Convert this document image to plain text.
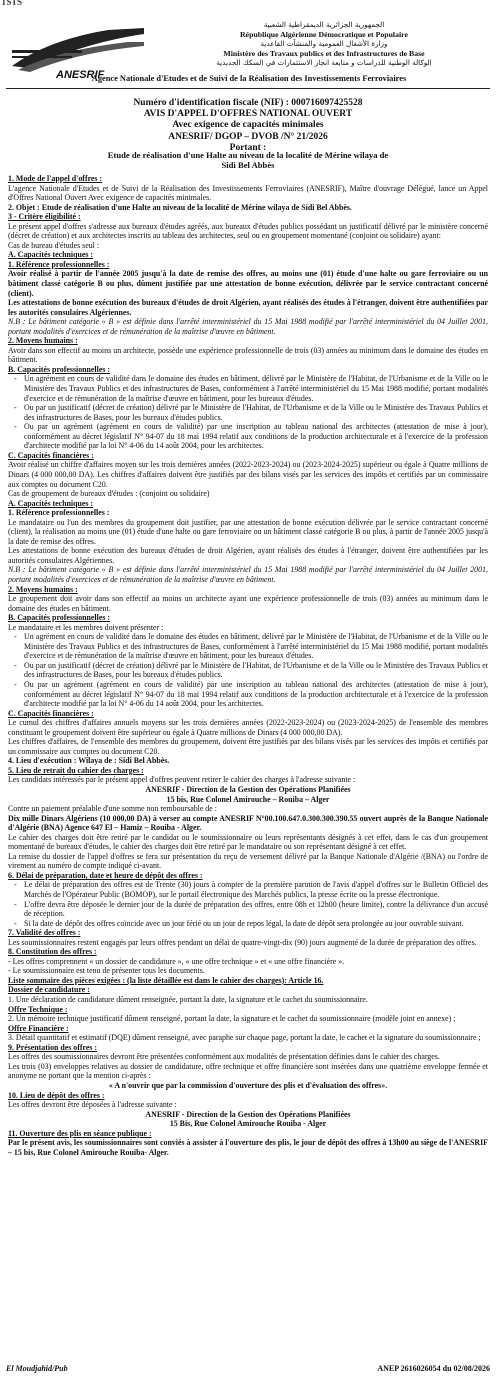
ISIS
ANESRIF
الجمهورية الجزائرية الديمقراطية الشعبية
République Algérienne Démocratique et Populaire
وزارة الأشغال العمومية والمنشآت القاعدية
Ministère des Travaux publics et des Infrastructures de Base
الوكالة الوطنية للدراسات و متابعة انجاز الاستثمارات في السكك الحديدية
Agence Nationale d'Etudes et de Suivi de la Réalisation des Investissements Ferroviaires
Numéro d'identification fiscale (NIF) : 000716097425528
AVIS D'APPEL D'OFFRES NATIONAL OUVERT
Avec exigence de capacités minimales
ANESRIF/ DGOP – DVOB /N° 21/2026
Portant :
Etude de réalisation d'une Halte au niveau de la localité de Mérine wilaya de
Sidi Bel Abbès

1. Mode de l'appel d'offres :

L'agence Nationale d'Etudes et de Suivi de la Réalisation des Investissements Ferroviaires (ANESRIF), Maître d'ouvrage Délégué, lance un Appel d'Offres National Ouvert Avec exigence de capacités minimales.

2. Objet : Etude de réalisation d'une Halte au niveau de la localité de Mérine wilaya de Sidi Bel Abbès.

3 - Critère éligibilité :

Le présent appel d'offres s'adresse aux bureaux d'études agréés, aux bureaux d'études publics possédant un justificatif délivré par le ministère concerné (décret de création) et aux architectes inscrits au tableau des architectes, seul ou en groupement momentané (conjoint ou solidaire) ayant:

Cas de bureau d'études seul :

A. Capacités techniques :

1. Référence professionnelles :

Avoir réalisé à partir de l'année 2005 jusqu'à la date de remise des offres, au moins une (01) étude d'une halte ou gare ferroviaire ou un bâtiment classé catégorie B ou plus, dûment justifiée par une attestation de bonne exécution, délivrée par le service contractant concerné (client).

Les attestations de bonne exécution des bureaux d'études de droit Algérien, ayant réalisés des études à l'étranger, doivent être authentifiées par les autorités consulaires Algériennes.

N.B : Le bâtiment catégorie « B » est définie dans l'arrêté interministériel du 15 Mai 1988 modifié par l'arrêté interministériel du 04 Juillet 2001, portant modalités d'exercices et de rémunération de la maîtrise d'œuvre en bâtiment.

2. Moyens humains :

Avoir dans son effectif au moins un architecte, possède une expérience professionnelle de trois (03) années au minimum dans le domaine des études en bâtiment.

B. Capacités professionnelles :

- Un agrément en cours de validité dans le domaine des études en bâtiment, délivré par le Ministère de l'Habitat, de l'Urbanisme et de la Ville ou le Ministère des Travaux Publics et des infrastructures de Bases, conformément à l'arrêté interministériel du 15 Mai 1988 modifié, portant modalités d'exercice et de rémunération de la maîtrise d'œuvre en bâtiment, pour les bureaux d'études.

- Ou par un justificatif (décret de création) délivré par le Ministère de l'Habitat, de l'Urbanisme et de la Ville ou le Ministère des Travaux Publics et des infrastructures de Bases, pour les bureaux d'études publics.

- Ou par un agrément (agrément en cours de validité) par une inscription au tableau national des architectes (attestation de mise à jour), conformément au décret législatif N° 94-07 du 18 mai 1994 relatif aux conditions de la production architecturale et à l'exercice de la profession d'architecte modifié par la loi N° 4-06 du 14 août 2004, pour les architectes.

C. Capacités financières :

Avoir réalisé un chiffre d'affaires moyen sur les trois dernières années (2022-2023-2024) ou (2023-2024-2025) supérieur ou égale à Quatre millions de Dinars (4 000 000,00 DA). Les chiffres d'affaires doivent être justifiés par des bilans visés par les services des impôts et certifiés par un commissaire aux comptes ou document C20.

Cas de groupement de bureaux d'études : (conjoint ou solidaire)

A. Capacités techniques :

1. Référence professionnelles :

Le mandataire ou l'un des membres du groupement doit justifier, par une attestation de bonne exécution délivrée par le service contractant concerné (client), la réalisation au moins une (01) étude d'une halte ou gare ferroviaire ou un bâtiment classé catégorie B ou plus, à partir de l'année 2005 jusqu'à la date de remise des offres.

Les attestations de bonne exécution des bureaux d'études de droit Algérien, ayant réalisés des études à l'étranger, doivent être authentifiées par les autorités consulaires Algériennes.

N.B : Le bâtiment catégorie « B » est définie dans l'arrêté interministériel du 15 Mai 1988 modifié par l'arrêté interministériel du 04 Juillet 2001, portant modalités d'exercices et de rémunération de la maîtrise d'œuvre en bâtiment.

2. Moyens humains :

Le groupement doit avoir dans son effectif au moins un architecte ayant une expérience professionnelle de trois (03) années au minimum dans le domaine des études en bâtiment.

B. Capacités professionnelles :

Le mandataire et les membres doivent présenter :

- Un agrément en cours de validité dans le domaine des études en bâtiment, délivré par le Ministère de l'Habitat, de l'Urbanisme et de la Ville ou le Ministère des Travaux Publics et des infrastructures de Bases, conformément à l'arrêté interministériel du 15 Mai 1988 modifié, portant modalités d'exercice et de rémunération de la maîtrise d'œuvre en bâtiment, pour les bureaux d'études.

- Ou par un justificatif (décret de création) délivré par le Ministère de l'Habitat, de l'Urbanisme et de la Ville ou le Ministère des Travaux Publics et des infrastructures de Bases, pour les bureaux d'études publics.

- Ou par un agrément (agrément en cours de validité) par une inscription au tableau national des architectes (attestation de mise à jour), conformément au décret législatif N° 94-07 du 18 mai 1994 relatif aux conditions de la production architecturale et à l'exercice de la profession d'architecte modifié par la loi N° 4-06 du 14 août 2004, pour les architectes.

C. Capacités financières :

Le cumul des chiffres d'affaires annuels moyens sur les trois dernières années (2022-2023-2024) ou (2023-2024-2025) de l'ensemble des membres constituant le groupement doivent être supérieur ou égale à Quatre millions de Dinars (4 000 000,00 DA).

Les chiffres d'affaires, de l'ensemble des membres du groupement, doivent être justifiés par des bilans visés par les services des impôts et certifiés par un commissaire aux comptes ou document C20.

4. Lieu d'exécution : Wilaya de : Sidi Bel Abbès.

5. Lieu de retrait du cahier des charges :

Les candidats intéressés par le présent appel d'offres peuvent retirer le cahier des charges à l'adresse suivante :

ANESRIF - Direction de la Gestion des Opérations Planifiées

15 bis, Rue Colonel Amirouche – Rouiba – Alger

Contre un paiement préalable d'une somme non remboursable de :

Dix mille Dinars Algériens (10 000,00 DA) à verser au compte ANESRIF N°00.100.647.0.300.300.390.55 ouvert auprès de la Banque Nationale d'Algérie (BNA) Agence 647 El – Hamiz – Rouiba - Alger.

Le cahier des charges doit être retiré par le candidat ou le soumissionnaire ou leurs représentants désignés à cet effet, dans le cas d'un groupement momentané de bureaux d'études, le cahier des charges doit être retiré par le mandataire ou son représentant désigné à cet effet.

La remise du dossier de l'appel d'offres se fera sur présentation du reçu de versement délivré par la Banque Nationale d'Algérie /(BNA) ou l'ordre de virement au numéro de compte indiqué ci-avant.

6. Délai de préparation, date et heure de dépôt des offres :

- Le délai de préparation des offres est de Trente (30) jours à compter de la première parution de l'avis d'appel d'offres sur le Bulletin Officiel des Marchés de l'Opérateur Public (BOMOP), sur le portail électronique des Marchés publics, la presse écrite ou la presse électronique.

- L'offre devra être déposée le dernier jour de la durée de préparation des offres, entre 08h et 12h00 (heure limite), contre la délivrance d'un accusé de réception.

- Si la date de dépôt des offres coïncide avec un jour férié ou un jour de repos légal, la date de dépôt sera prolongée au jour ouvrable suivant.

7. Validité des offres :

Les soumissionnaires restent engagés par leurs offres pendant un délai de quatre-vingt-dix (90) jours augmenté de la durée de préparation des offres.

8. Constitution des offres :

- Les offres comprennent « un dossier de candidature », « une offre technique » et « une offre financière ».

- Le soumissionnaire est tenu de présenter tous les documents.

Liste sommaire des pièces exigées : (la liste détaillée est dans le cahier des charges): Article 16.

Dossier de candidature :

1. Une déclaration de candidature dûment renseignée, portant la date, la signature et le cachet du soumissionnaire.

Offre Technique :

2. Un mémoire technique justificatif dûment renseigné, portant la date, la signature et le cachet du soumissionnaire (modèle joint en annexe) ;

Offre Financière :

3. Détail quantitatif et estimatif (DQE) dûment renseigné, avec paraphe sur chaque page, portant la date, le cachet et la signature du soumissionnaire ;

9. Présentation des offres :

Les offres des soumissionnaires devront être présentées conformément aux modalités de présentation définies dans le cahier des charges.

Les trois (03) enveloppes relatives au dossier de candidature, offre technique et offre financière sont insérées dans une quatrième enveloppe fermée et anonyme ne portant que la mention ci-après :

« A n'ouvrir que par la commission d'ouverture des plis et d'évaluation des offres».

10. Lieu de dépôt des offres :

Les offres devront être déposées à l'adresse suivante :

ANESRIF - Direction de la Gestion des Opérations Planifiées

15 Bis, Rue Colonel Amirouche Rouiba - Alger

11. Ouverture des plis en séance publique :

Par le présent avis, les soumissionnaires sont conviés à assister à l'ouverture des plis, le jour de dépôt des offres à 13h00 au siège de l'ANESRIF – 15 bis, Rue Colonel Amirouche Rouiba- Alger.

El Moudjahid/Pub	ANEP 2616026054 du 02/08/2026
